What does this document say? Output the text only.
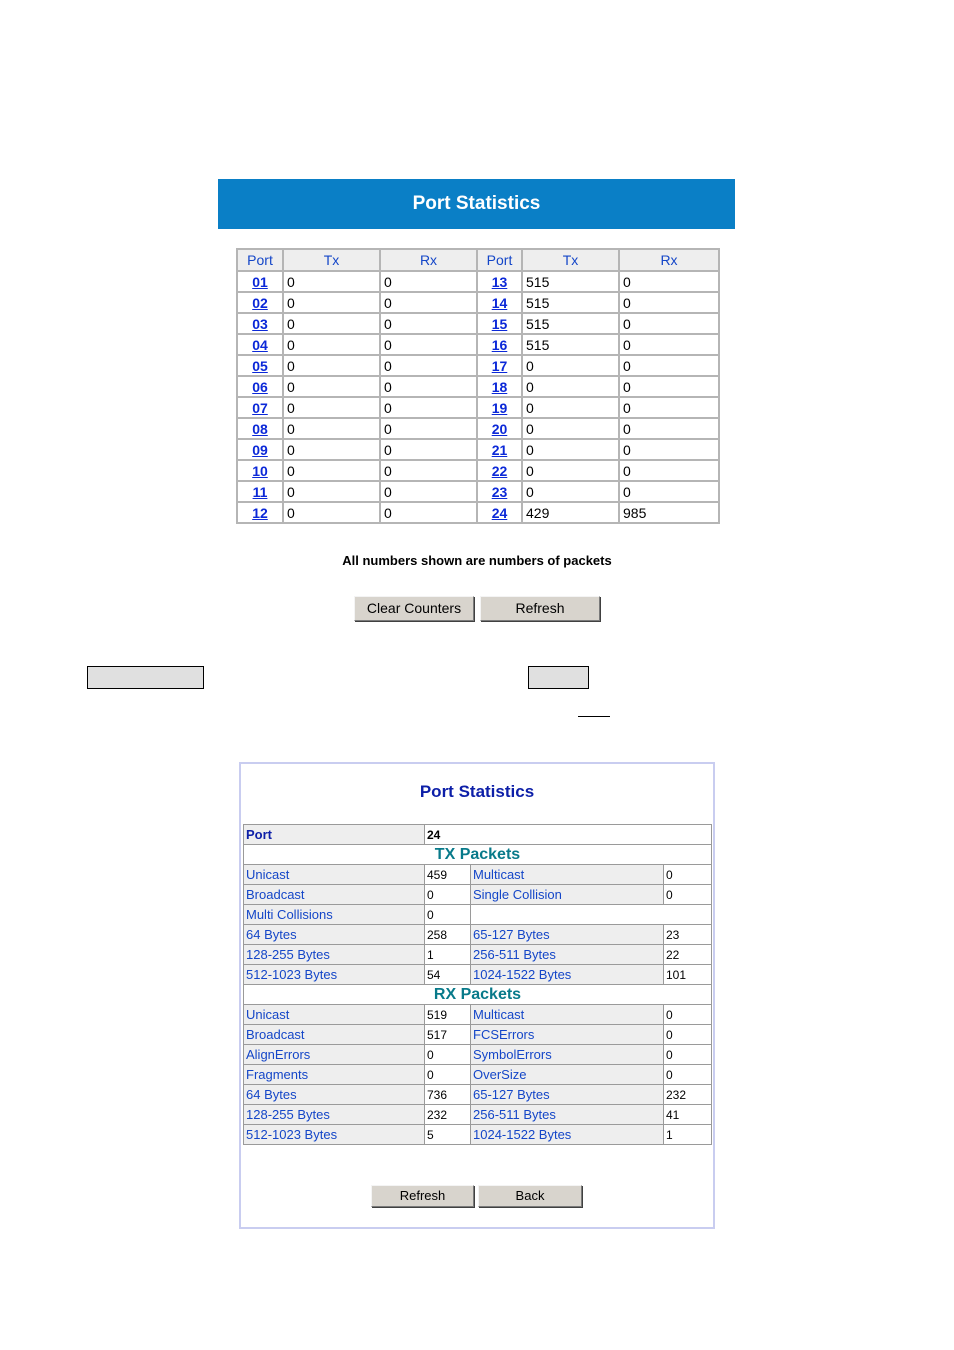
Port Statistics
Port	Tx	Rx	Port	Tx	Rx
01	0	0	13	515	0
02	0	0	14	515	0
03	0	0	15	515	0
04	0	0	16	515	0
05	0	0	17	0	0
06	0	0	18	0	0
07	0	0	19	0	0
08	0	0	20	0	0
09	0	0	21	0	0
10	0	0	22	0	0
11	0	0	23	0	0
12	0	0	24	429	985
All numbers shown are numbers of packets
Clear Counters	Refresh
Port Statistics
Port	24		
TX Packets			
Unicast	459	Multicast	0
Broadcast	0	Single Collision	0
Multi Collisions	0		
64 Bytes	258	65-127 Bytes	23
128-255 Bytes	1	256-511 Bytes	22
512-1023 Bytes	54	1024-1522 Bytes	101
RX Packets			
Unicast	519	Multicast	0
Broadcast	517	FCSErrors	0
AlignErrors	0	SymbolErrors	0
Fragments	0	OverSize	0
64 Bytes	736	65-127 Bytes	232
128-255 Bytes	232	256-511 Bytes	41
512-1023 Bytes	5	1024-1522 Bytes	1
Refresh	Back
